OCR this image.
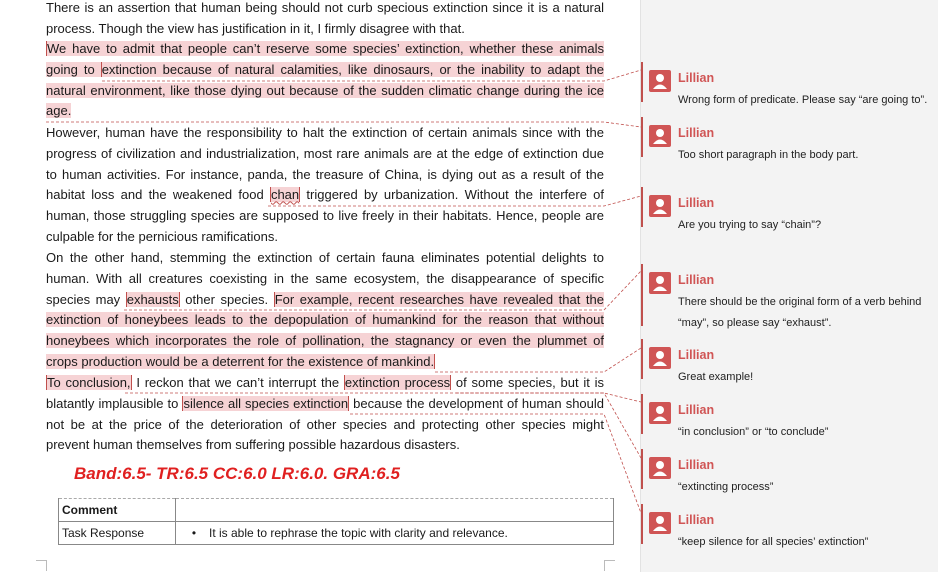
There is an assertion that human being should not curb specious extinction since it is a natural process. Though the view has justification in it, I firmly disagree with that.

We have to admit that people can’t reserve some species’ extinction, whether these animals going to extinction because of natural calamities, like dinosaurs, or the inability to adapt the natural environment, like those dying out because of the sudden climatic change during the ice age.

However, human have the responsibility to halt the extinction of certain animals since with the progress of civilization and industrialization, most rare animals are at the edge of extinction due to human activities. For instance, panda, the treasure of China, is dying out as a result of the habitat loss and the weakened food chan triggered by urbanization. Without the interfere of human, those struggling species are supposed to live freely in their habitats. Hence, people are culpable for the pernicious ramifications.

On the other hand, stemming the extinction of certain fauna eliminates potential delights to human. With all creatures coexisting in the same ecosystem, the disappearance of specific species may exhausts other species. For example, recent researches have revealed that the extinction of honeybees leads to the depopulation of humankind for the reason that without honeybees which incorporates the role of pollination, the stagnancy or even the plummet of crops production would be a deterrent for the existence of mankind.

To conclusion, I reckon that we can’t interrupt the extinction process of some species, but it is blatantly implausible to silence all species extinction because the development of human should not be at the price of the deterioration of other species and protecting other species might prevent human themselves from suffering possible hazardous disasters.

Band:6.5- TR:6.5 CC:6.0 LR:6.0. GRA:6.5
Comment	
Task Response	• It is able to rephrase the topic with clarity and relevance.
Lillian
Wrong form of predicate. Please say “are going to”.
Lillian
Too short paragraph in the body part.
Lillian
Are you trying to say “chain”?
Lillian
There should be the original form of a verb behind “may”, so please say “exhaust”.
Lillian
Great example!
Lillian
“in conclusion” or “to conclude”
Lillian
“extincting process”
Lillian
“keep silence for all species’ extinction”
